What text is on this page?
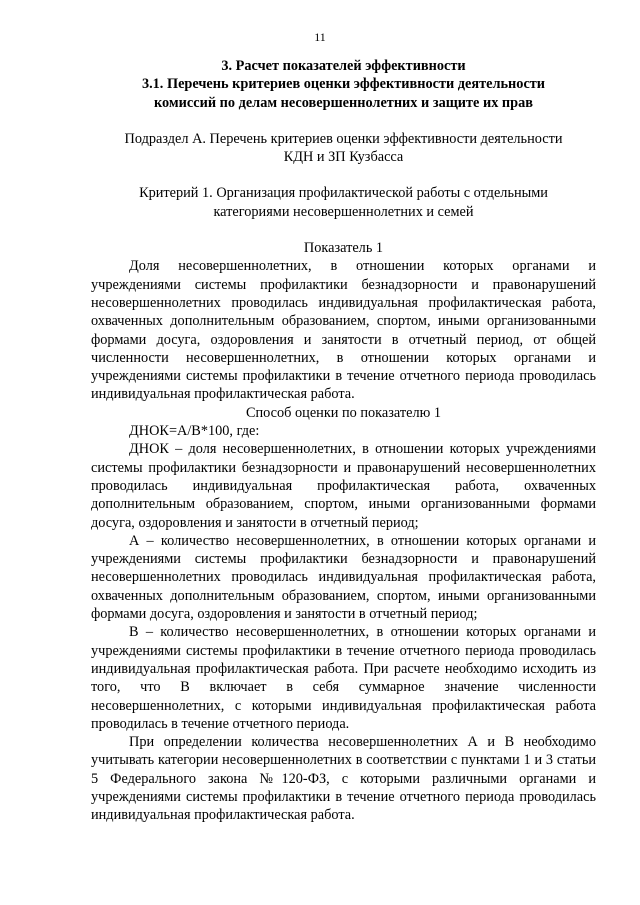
11

3. Расчет показателей эффективности

3.1. Перечень критериев оценки эффективности деятельности

комиссий по делам несовершеннолетних и защите их прав

Подраздел А. Перечень критериев оценки эффективности деятельности
КДН и ЗП Кузбасса

Критерий 1. Организация профилактической работы с отдельными
категориями несовершеннолетних и семей

Показатель 1

Доля несовершеннолетних, в отношении которых органами и учреждениями системы профилактики безнадзорности и правонарушений несовершеннолетних проводилась индивидуальная профилактическая работа, охваченных дополнительным образованием, спортом, иными организованными формами досуга, оздоровления и занятости в отчетный период, от общей численности несовершеннолетних, в отношении которых органами и учреждениями системы профилактики в течение отчетного периода проводилась индивидуальная профилактическая работа.

Способ оценки по показателю 1

ДНОК=А/В*100, где:

ДНОК – доля несовершеннолетних, в отношении которых учреждениями системы профилактики безнадзорности и правонарушений несовершеннолетних проводилась индивидуальная профилактическая работа, охваченных дополнительным образованием, спортом, иными организованными формами досуга, оздоровления и занятости в отчетный период;

А – количество несовершеннолетних, в отношении которых органами и учреждениями системы профилактики безнадзорности и правонарушений несовершеннолетних проводилась индивидуальная профилактическая работа, охваченных дополнительным образованием, спортом, иными организованными формами досуга, оздоровления и занятости в отчетный период;

В – количество несовершеннолетних, в отношении которых органами и учреждениями системы профилактики в течение отчетного периода проводилась индивидуальная профилактическая работа. При расчете необходимо исходить из того, что В включает в себя суммарное значение численности несовершеннолетних, с которыми индивидуальная профилактическая работа проводилась в течение отчетного периода.

При определении количества несовершеннолетних А и В необходимо учитывать категории несовершеннолетних в соответствии с пунктами 1 и 3 статьи 5 Федерального закона №120-ФЗ, с которыми различными органами и учреждениями системы профилактики в течение отчетного периода проводилась индивидуальная профилактическая работа.
